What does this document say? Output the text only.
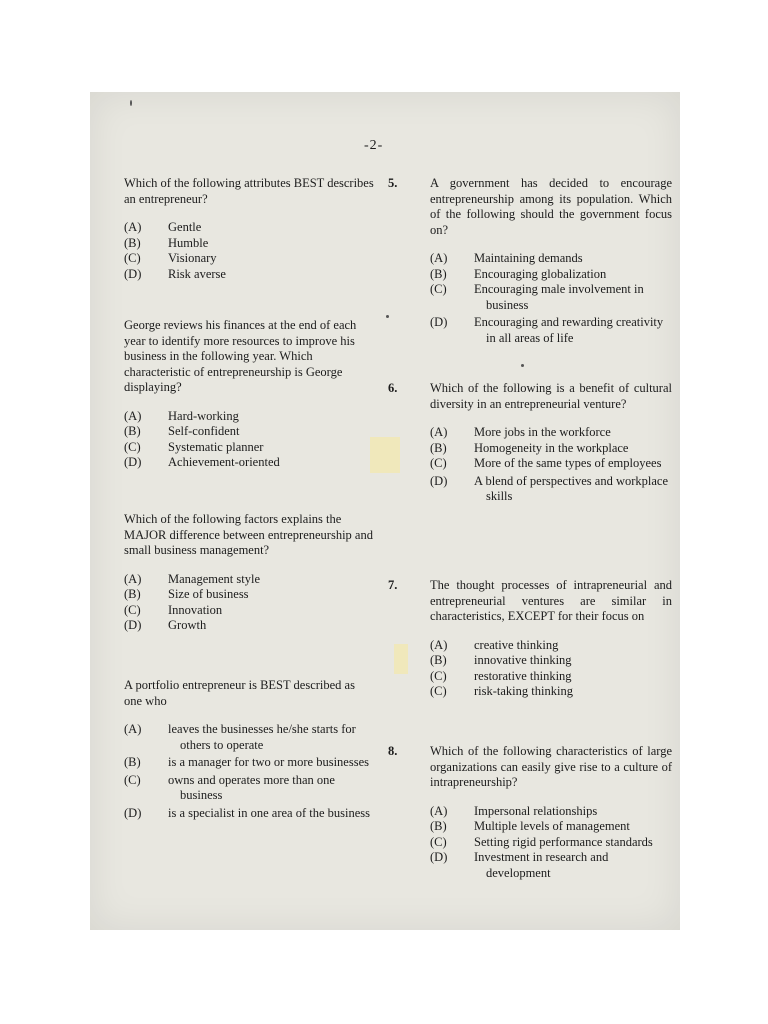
-2-

Which of the following attributes BEST describes an entrepreneur?

(A)	Gentle
(B)	Humble
(C)	Visionary
(D)	Risk averse

George reviews his finances at the end of each year to identify more resources to improve his business in the following year. Which characteristic of entrepreneurship is George displaying?

(A)	Hard-working
(B)	Self-confident
(C)	Systematic planner
(D)	Achievement-oriented

Which of the following factors explains the MAJOR difference between entrepreneurship and small business management?

(A)	Management style
(B)	Size of business
(C)	Innovation
(D)	Growth

A portfolio entrepreneur is BEST described as one who

(A)	leaves the businesses he/she starts for others to operate
(B)	is a manager for two or more businesses
(C)	owns and operates more than one business
(D)	is a specialist in one area of the business
5.	A government has decided to encourage entrepreneurship among its population. Which of the following should the government focus on?

(A)	Maintaining demands
(B)	Encouraging globalization
(C)	Encouraging male involvement in business
(D)	Encouraging and rewarding creativity in all areas of life
6.	Which of the following is a benefit of cultural diversity in an entrepreneurial venture?

(A)	More jobs in the workforce
(B)	Homogeneity in the workplace
(C)	More of the same types of employees
(D)	A blend of perspectives and workplace skills
7.	The thought processes of intrapreneurial and entrepreneurial ventures are similar in characteristics, EXCEPT for their focus on

(A)	creative thinking
(B)	innovative thinking
(C)	restorative thinking
(C)	risk-taking thinking
8.	Which of the following characteristics of large organizations can easily give rise to a culture of intrapreneurship?

(A)	Impersonal relationships
(B)	Multiple levels of management
(C)	Setting rigid performance standards
(D)	Investment in research and development
